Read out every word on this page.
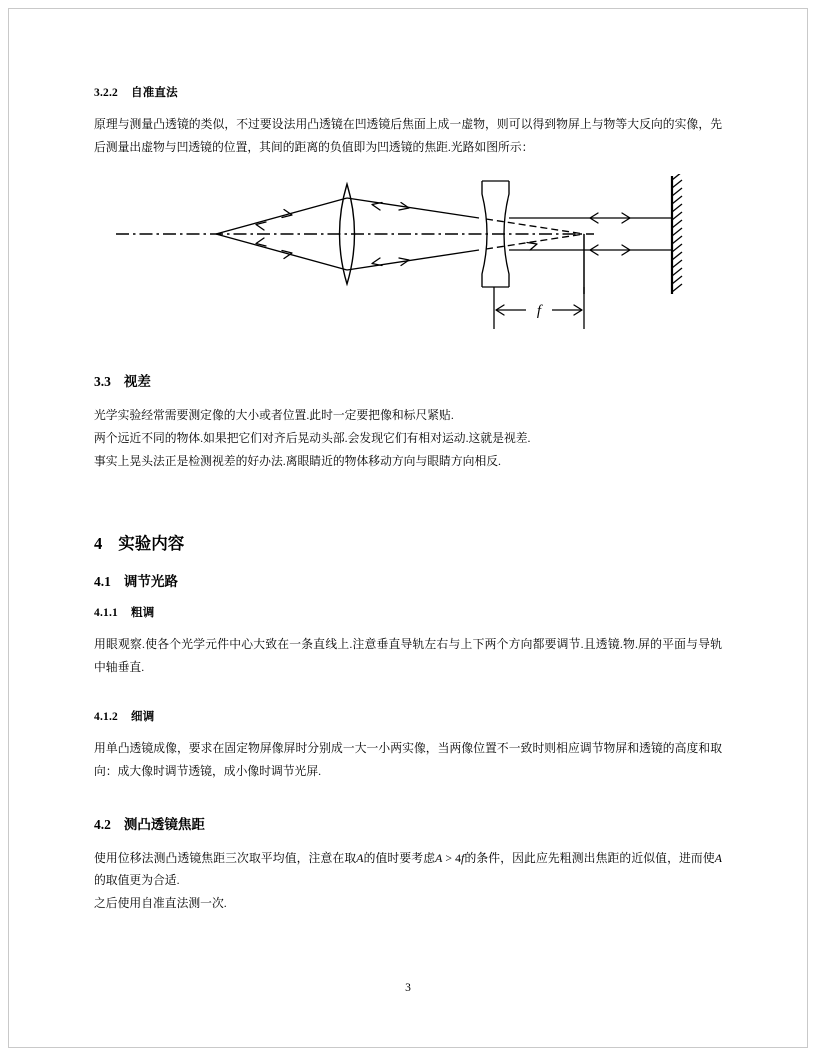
3.2.2 自准直法

原理与测量凸透镜的类似，不过要设法用凸透镜在凹透镜后焦面上成一虚物，则可以得到物屏上与物等大反向的实像，先后测量出虚物与凹透镜的位置，其间的距离的负值即为凹透镜的焦距.光路如图所示：

f
3.3 视差

光学实验经常需要测定像的大小或者位置.此时一定要把像和标尺紧贴.

两个远近不同的物体.如果把它们对齐后晃动头部.会发现它们有相对运动.这就是视差.

事实上晃头法正是检测视差的好办法.离眼睛近的物体移动方向与眼睛方向相反.

4 实验内容
4.1 调节光路
4.1.1 粗调

用眼观察.使各个光学元件中心大致在一条直线上.注意垂直导轨左右与上下两个方向都要调节.且透镜.物.屏的平面与导轨中轴垂直.

4.1.2 细调

用单凸透镜成像，要求在固定物屏像屏时分别成一大一小两实像，当两像位置不一致时则相应调节物屏和透镜的高度和取向：成大像时调节透镜，成小像时调节光屏.

4.2 测凸透镜焦距

使用位移法测凸透镜焦距三次取平均值，注意在取A的值时要考虑A > 4f的条件，因此应先粗测出焦距的近似值，进而使A的取值更为合适.

之后使用自准直法测一次.

3
